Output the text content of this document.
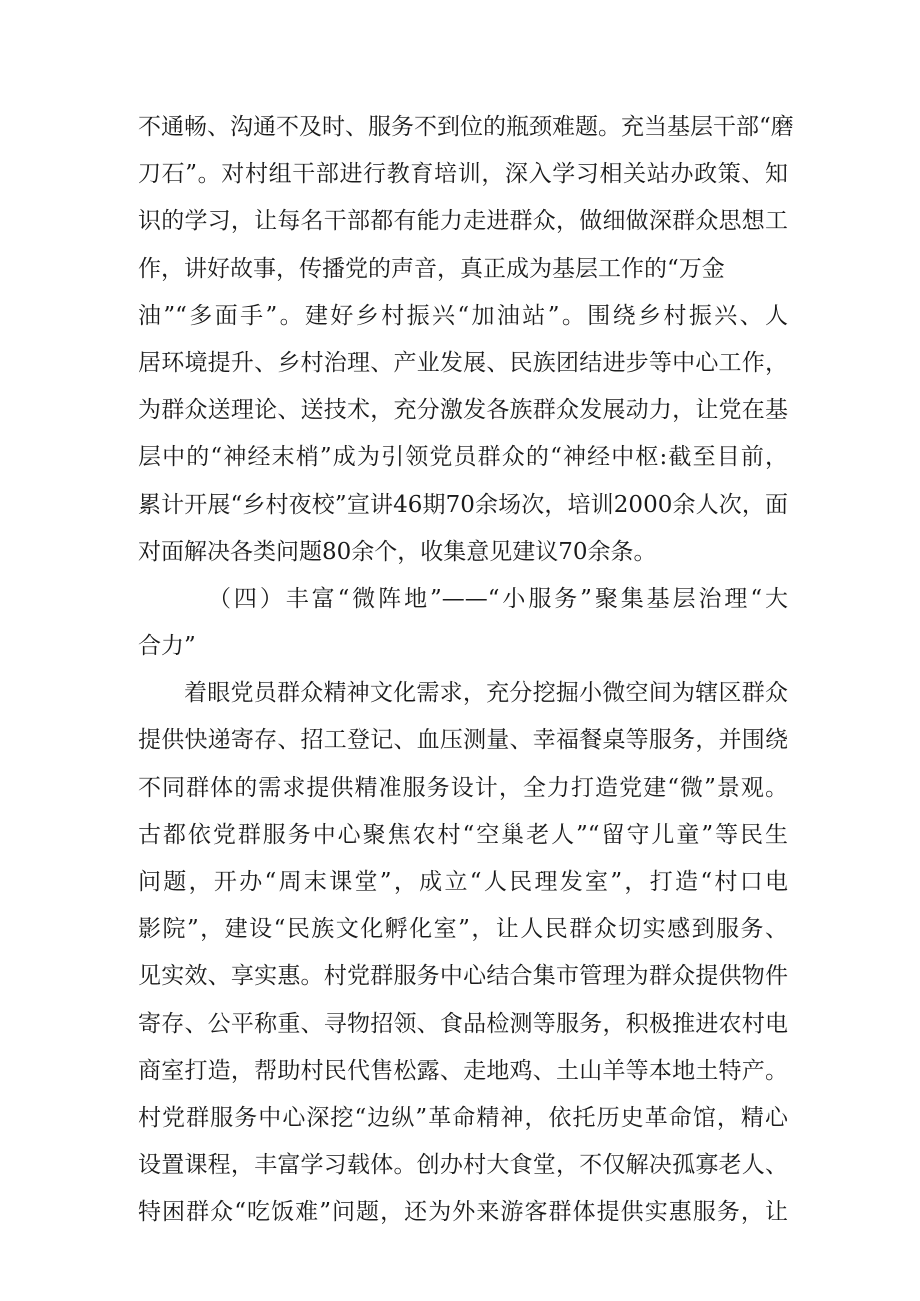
不通畅、沟通不及时、服务不到位的瓶颈难题。充当基层干部“磨
刀石”。对村组干部进行教育培训，深入学习相关站办政策、知
识的学习，让每名干部都有能力走进群众，做细做深群众思想工
作，讲好故事，传播党的声音，真正成为基层工作的“万金
油”“多面手”。建好乡村振兴“加油站”。围绕乡村振兴、人
居环境提升、乡村治理、产业发展、民族团结进步等中心工作，
为群众送理论、送技术，充分激发各族群众发展动力，让党在基
层中的“神经末梢”成为引领党员群众的“神经中枢:截至目前，
累计开展“乡村夜校”宣讲46期70余场次，培训2000余人次，面
对面解决各类问题80余个，收集意见建议70余条。
（四）丰富“微阵地”——“小服务”聚集基层治理“大
合力”
着眼党员群众精神文化需求，充分挖掘小微空间为辖区群众
提供快递寄存、招工登记、血压测量、幸福餐桌等服务，并围绕
不同群体的需求提供精准服务设计，全力打造党建“微”景观。
古都依党群服务中心聚焦农村“空巢老人”“留守儿童”等民生
问题，开办“周末课堂”，成立“人民理发室”，打造“村口电
影院”，建设“民族文化孵化室”，让人民群众切实感到服务、
见实效、享实惠。村党群服务中心结合集市管理为群众提供物件
寄存、公平称重、寻物招领、食品检测等服务，积极推进农村电
商室打造，帮助村民代售松露、走地鸡、土山羊等本地土特产。
村党群服务中心深挖“边纵”革命精神，依托历史革命馆，精心
设置课程，丰富学习载体。创办村大食堂，不仅解决孤寡老人、
特困群众“吃饭难”问题，还为外来游客群体提供实惠服务，让
